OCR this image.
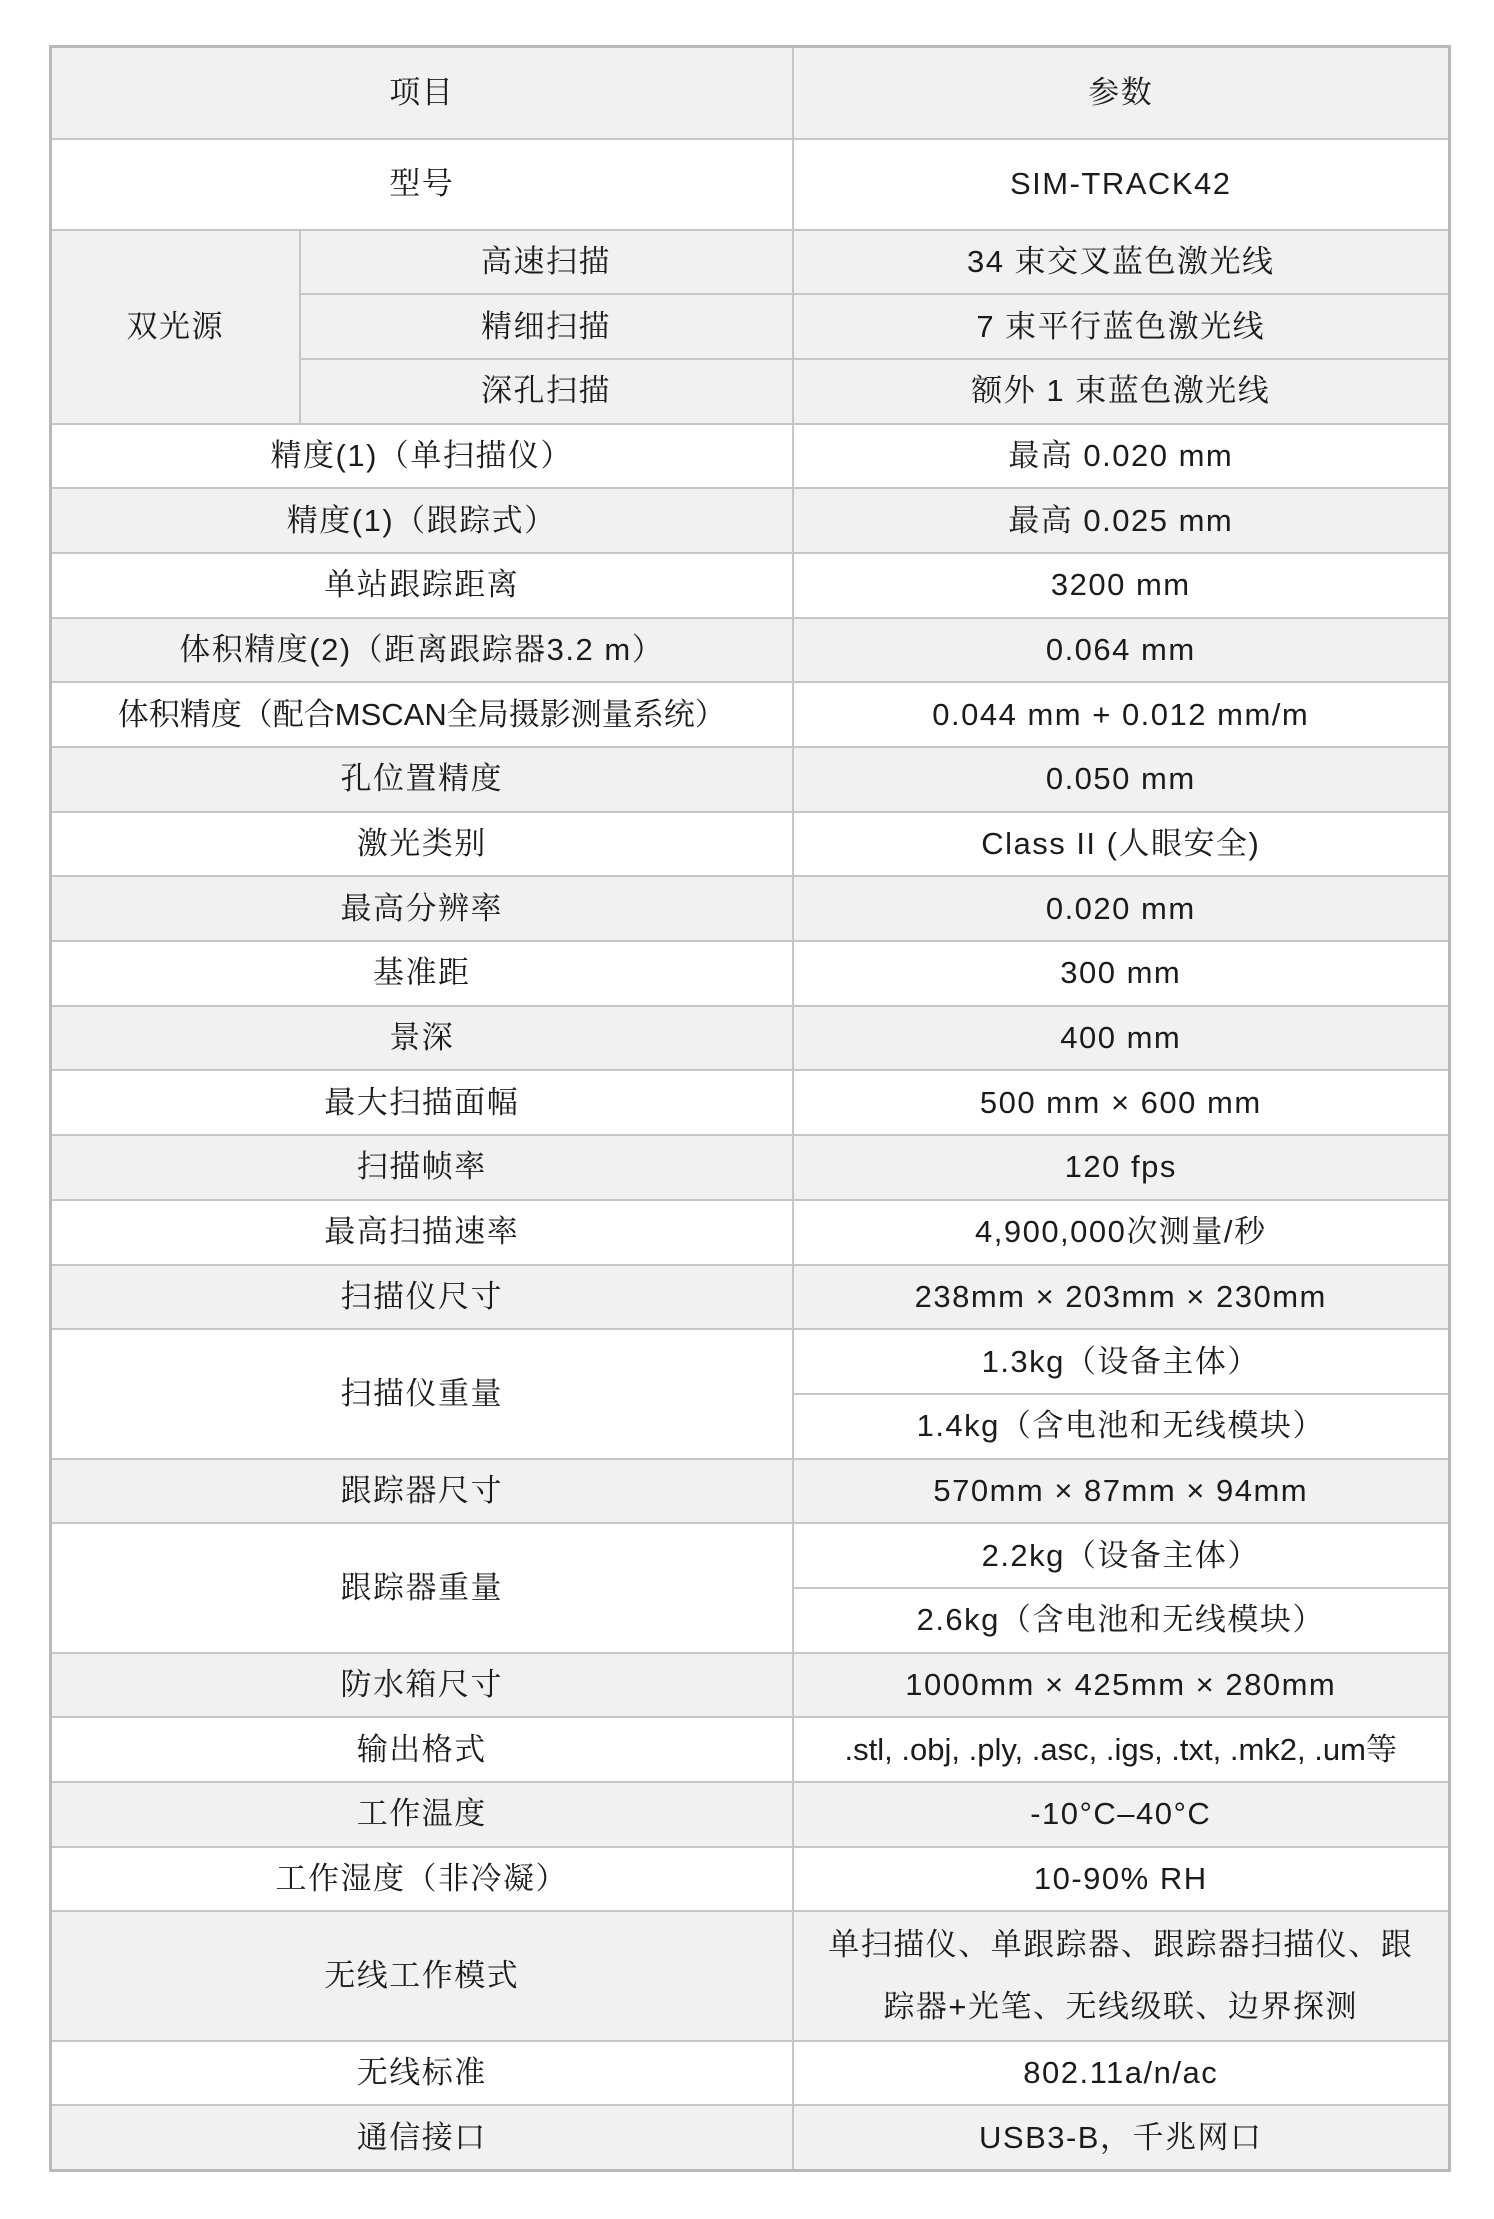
项目		参数
型号		SIM-TRACK42
双光源	高速扫描	34 束交叉蓝色激光线
	精细扫描	7 束平行蓝色激光线
	深孔扫描	额外 1 束蓝色激光线
精度(1)（单扫描仪）		最高 0.020 mm
精度(1)（跟踪式）		最高 0.025 mm
单站跟踪距离		3200 mm
体积精度(2)（距离跟踪器3.2 m）		0.064 mm
体积精度（配合MSCAN全局摄影测量系统）		0.044 mm + 0.012 mm/m
孔位置精度		0.050 mm
激光类别		Class II (人眼安全)
最高分辨率		0.020 mm
基准距		300 mm
景深		400 mm
最大扫描面幅		500 mm × 600 mm
扫描帧率		120 fps
最高扫描速率		4,900,000次测量/秒
扫描仪尺寸		238mm × 203mm × 230mm
扫描仪重量		1.3kg（设备主体）
		1.4kg（含电池和无线模块）
跟踪器尺寸		570mm × 87mm × 94mm
跟踪器重量		2.2kg（设备主体）
		2.6kg（含电池和无线模块）
防水箱尺寸		1000mm × 425mm × 280mm
输出格式		.stl, .obj, .ply, .asc, .igs, .txt, .mk2, .um等
工作温度		-10°C–40°C
工作湿度（非冷凝）		10-90% RH
无线工作模式		单扫描仪、单跟踪器、跟踪器扫描仪、跟踪器+光笔、无线级联、边界探测
无线标准		802.11a/n/ac
通信接口		USB3-B，千兆网口
